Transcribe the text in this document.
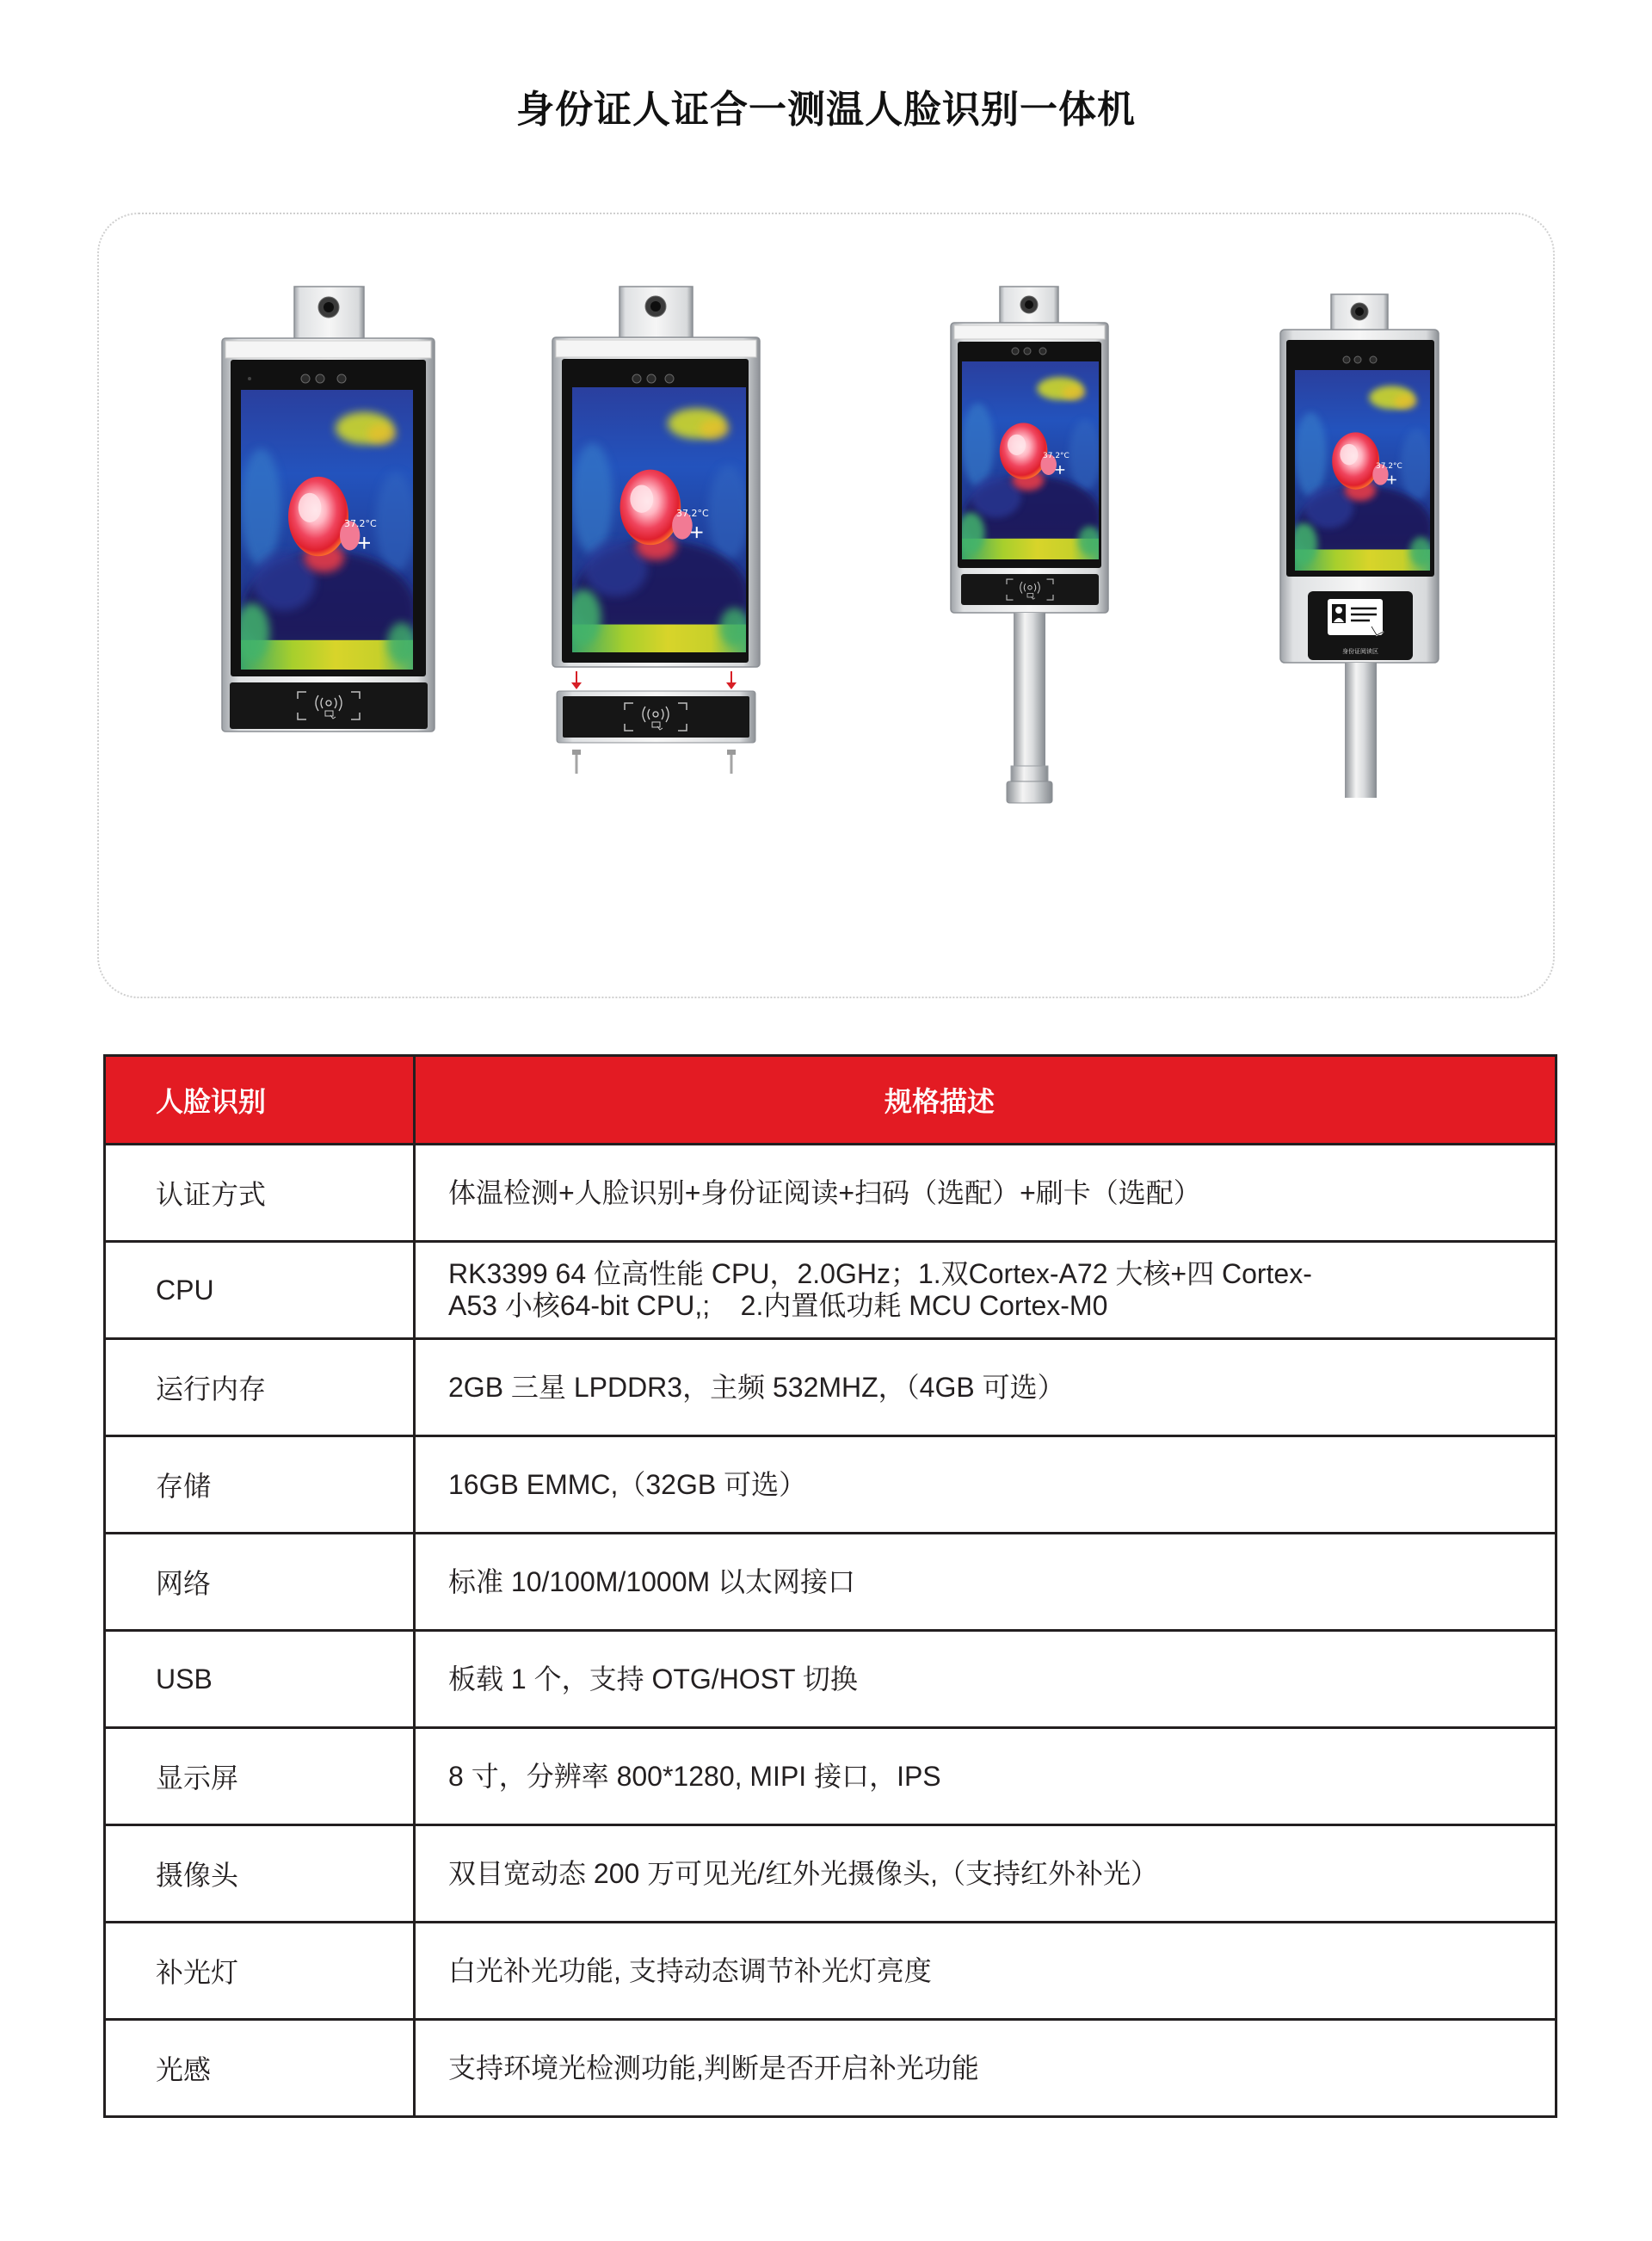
身份证人证合一测温人脸识别一体机
37.2°C
37.2°C
37.2°C
37.2°C
身份证阅读区
人脸识别	规格描述
认证方式	体温检测+人脸识别+身份证阅读+扫码（选配）+刷卡（选配）

CPU	RK3399 64 位高性能 CPU，2.0GHz；1.双Cortex-A72 大核+四 Cortex-
A53 小核64-bit CPU,;    2.内置低功耗 MCU Cortex-M0

运行内存	2GB 三星 LPDDR3，主频 532MHZ，（4GB 可选）

存储	16GB EMMC,（32GB 可选）

网络	标准 10/100M/1000M 以太网接口

USB	板载 1 个，支持 OTG/HOST 切换

显示屏	8 寸，分辨率 800*1280, MIPI 接口，IPS

摄像头	双目宽动态 200 万可见光/红外光摄像头,（支持红外补光）

补光灯	白光补光功能, 支持动态调节补光灯亮度

光感	支持环境光检测功能,判断是否开启补光功能
